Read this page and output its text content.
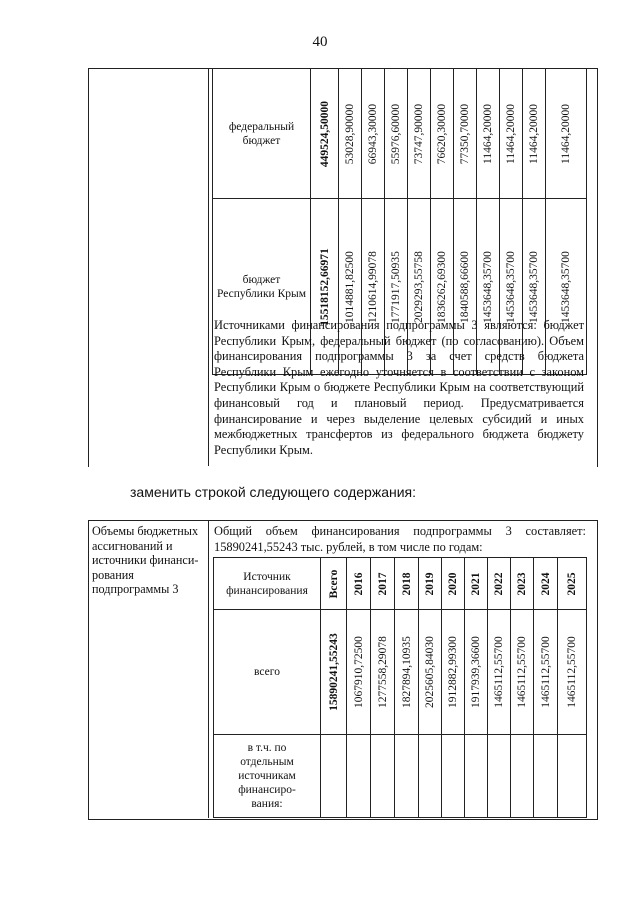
40
федеральный бюджет	449524,50000	53028,90000	66943,30000	55976,60000	73747,90000	76620,30000	77350,70000	11464,20000	11464,20000	11464,20000	11464,20000

бюджет Республики Крым	15518152,66971	1014881,82500	1210614,99078	1771917,50935	2029293,55758	1836262,69300	1840588,66600	1453648,35700	1453648,35700	1453648,35700	1453648,35700
Источниками финансирования подпрограммы 3 являются: бюджет Республики Крым, федеральный бюджет (по согласованию). Объем финансирования подпрограммы 3 за счет средств бюджета Республики Крым ежегодно уточняется в соответствии с законом Республики Крым о бюджете Республики Крым на соответствующий финансовый год и плановый период. Предусматривается финансирование и через выделение целевых субсидий и иных межбюджетных трансфертов из федерального бюджета бюджету Республики Крым.
заменить строкой следующего содержания:
Объемы бюджетных ассигнований и источники финанси-рования подпрограммы 3
Общий объем финансирования подпрограммы 3 составляет: 15890241,55243 тыс. рублей, в том числе по годам:
Источник финансирования	Всего	2016	2017	2018	2019	2020	2021	2022	2023	2024	2025

всего	15890241,55243	1067910,72500	1277558,29078	1827894,10935	2025605,84030	1912882,99300	1917939,36600	1465112,55700	1465112,55700	1465112,55700	1465112,55700

в т.ч. по отдельным источникам финансиро-вания:											
